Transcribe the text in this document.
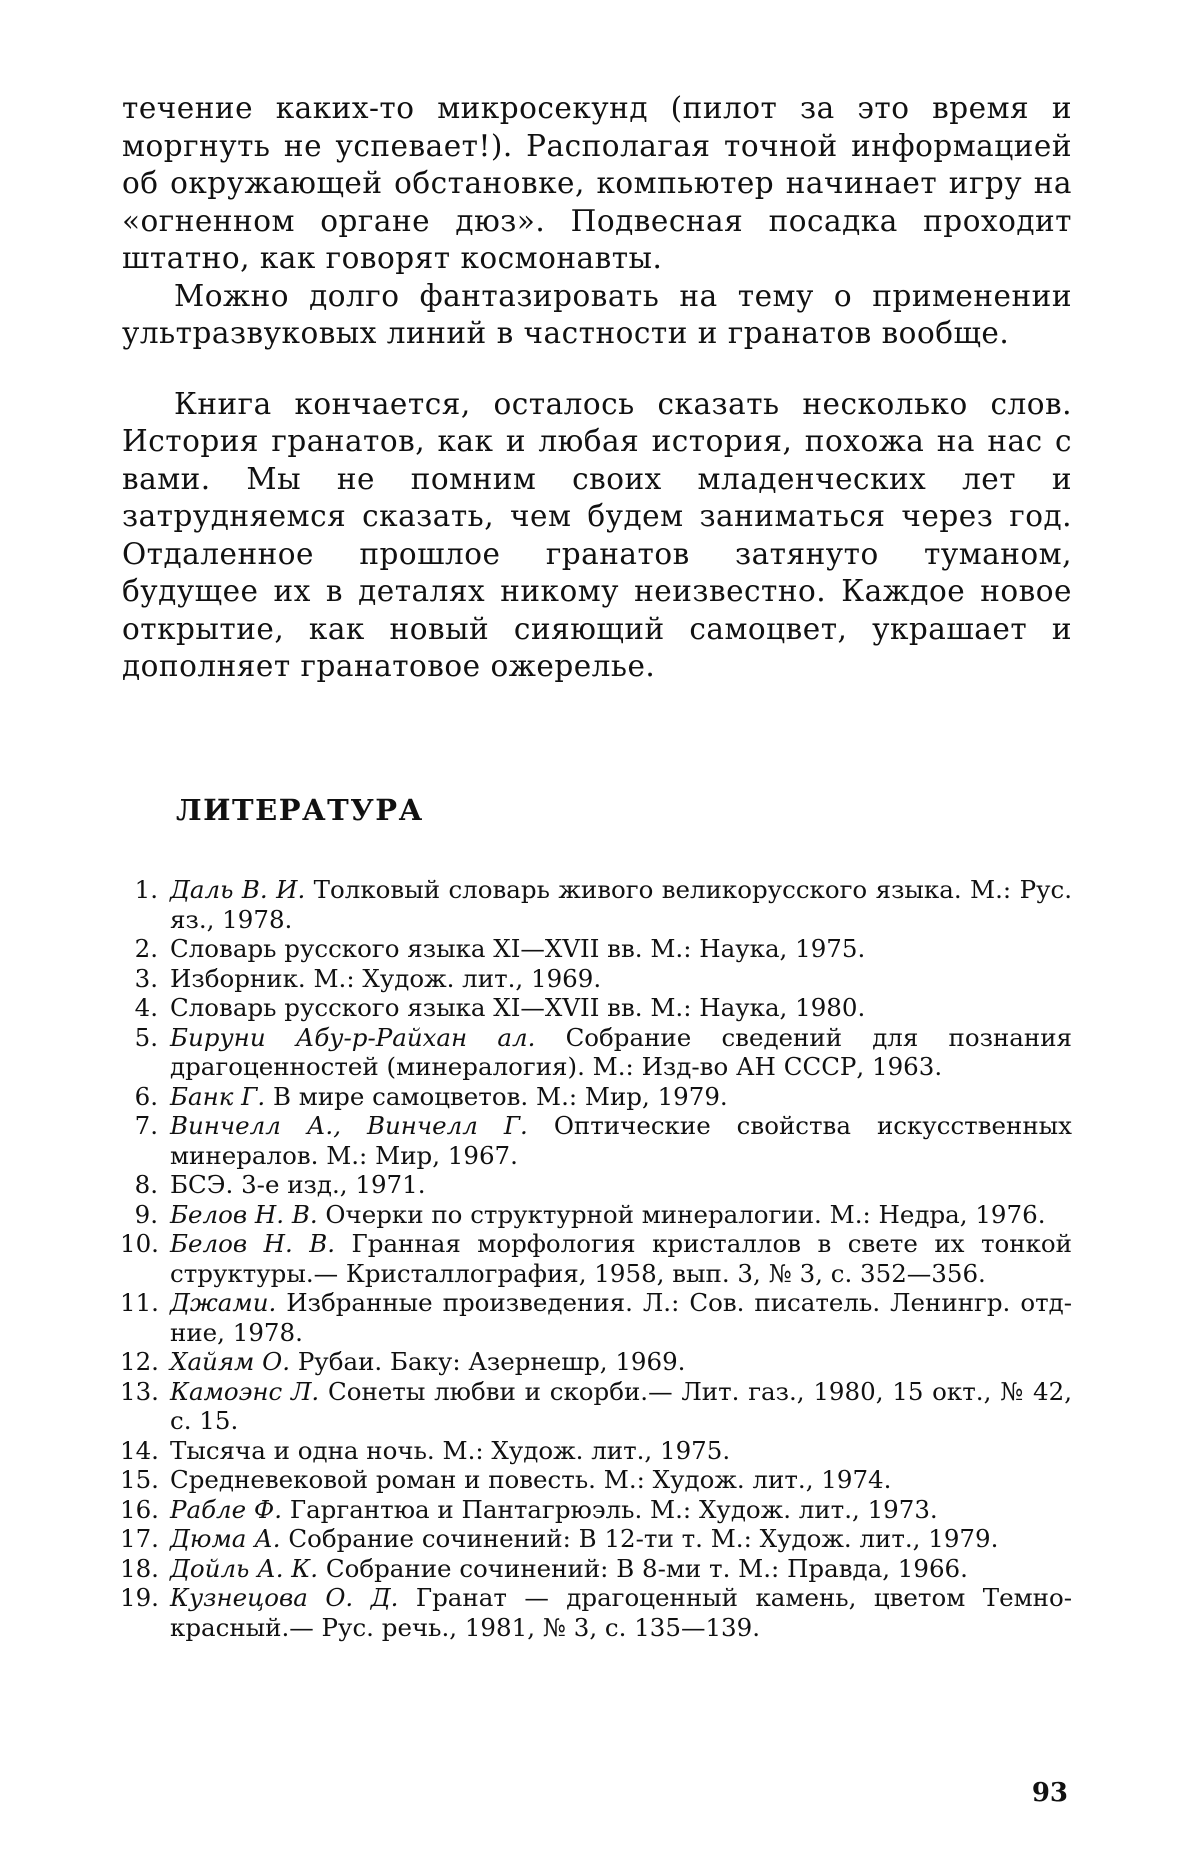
течение каких-то микросекунд (пилот за это время и моргнуть не успевает!). Располагая точной информацией об окружающей обстановке, компьютер начинает игру на «огненном органе дюз». Подвесная посадка проходит штатно, как говорят космонавты.

Можно долго фантазировать на тему о применении ультразвуковых линий в частности и гранатов вообще.

Книга кончается, осталось сказать несколько слов. История гранатов, как и любая история, похожа на нас с вами. Мы не помним своих младенческих лет и затрудняемся сказать, чем будем заниматься через год. Отдаленное прошлое гранатов затянуто туманом, будущее их в деталях никому неизвестно. Каждое новое открытие, как новый сияющий самоцвет, украшает и дополняет гранатовое ожерелье.

ЛИТЕРАТУРА
1. Даль В. И. Толковый словарь живого великорусского языка. М.: Рус. яз., 1978.
2. Словарь русского языка XI—XVII вв. М.: Наука, 1975.
3. Изборник. М.: Худож. лит., 1969.
4. Словарь русского языка XI—XVII вв. М.: Наука, 1980.
5. Бируни Абу-р-Райхан ал. Собрание сведений для познания драгоценностей (минералогия). М.: Изд-во АН СССР, 1963.
6. Банк Г. В мире самоцветов. М.: Мир, 1979.
7. Винчелл А., Винчелл Г. Оптические свойства искусственных минералов. М.: Мир, 1967.
8. БСЭ. 3-е изд., 1971.
9. Белов Н. В. Очерки по структурной минералогии. М.: Недра, 1976.
10. Белов Н. В. Гранная морфология кристаллов в свете их тонкой структуры.— Кристаллография, 1958, вып. 3, № 3, с. 352—356.
11. Джами. Избранные произведения. Л.: Сов. писатель. Ленингр. отд-ние, 1978.
12. Хайям О. Рубаи. Баку: Азернешр, 1969.
13. Камоэнс Л. Сонеты любви и скорби.— Лит. газ., 1980, 15 окт., № 42, с. 15.
14. Тысяча и одна ночь. М.: Худож. лит., 1975.
15. Средневековой роман и повесть. М.: Худож. лит., 1974.
16. Рабле Ф. Гаргантюа и Пантагрюэль. М.: Худож. лит., 1973.
17. Дюма А. Собрание сочинений: В 12-ти т. М.: Худож. лит., 1979.
18. Дойль А. К. Собрание сочинений: В 8-ми т. М.: Правда, 1966.
19. Кузнецова О. Д. Гранат — драгоценный камень, цветом Темно-красный.— Рус. речь., 1981, № 3, с. 135—139.
93
